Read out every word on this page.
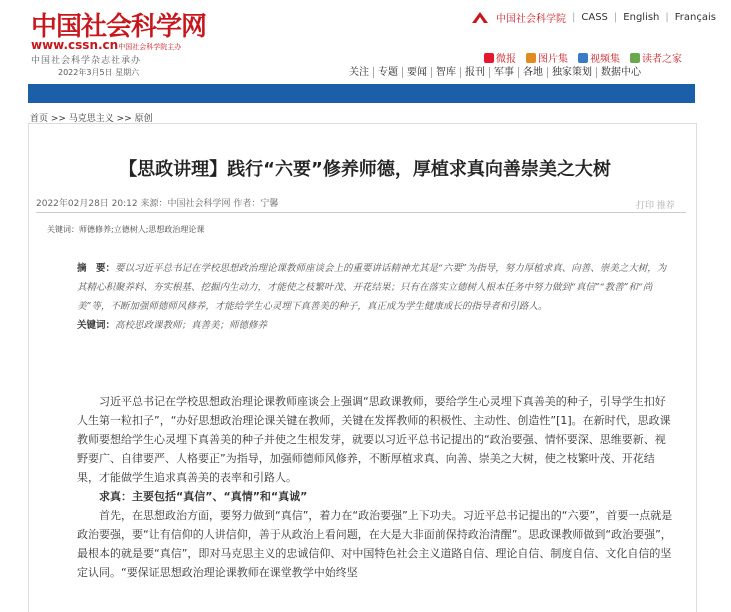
中国社会科学网
www.cssn.cn中国社会科学院主办
中国社会科学杂志社承办
2022年3月5日 星期六
中国社会科学院 | CASS | English | Français
微报 图片集 视频集 读者之家
关注 专题 要闻 智库 报刊 军事 各地 独家策划 数据中心
首页 >> 马克思主义 >> 原创
【思政讲理】践行“六要”修养师德，厚植求真向善崇美之大树
2022年02月28日 20:12 来源：中国社会科学网 作者：宁馨	打印 推荐
关键词：师德修养;立德树人;思想政治理论课
摘　要：要以习近平总书记在学校思想政治理论课教师座谈会上的重要讲话精神尤其是“六要”为指导，努力厚植求真、向善、崇美之大树，为其精心积聚养料、夯实根基、挖掘内生动力，才能使之枝繁叶茂、开花结果；只有在落实立德树人根本任务中努力做到“真信”“教善”和“尚美”等，不断加强师德师风修养，才能给学生心灵埋下真善美的种子，真正成为学生健康成长的指导者和引路人。
关键词：高校思政课教师；真善美；师德修养

习近平总书记在学校思想政治理论课教师座谈会上强调“思政课教师，要给学生心灵埋下真善美的种子，引导学生扣好人生第一粒扣子”，“办好思想政治理论课关键在教师，关键在发挥教师的积极性、主动性、创造性”[1]。在新时代，思政课教师要想给学生心灵埋下真善美的种子并使之生根发芽，就要以习近平总书记提出的“政治要强、情怀要深、思维要新、视野要广、自律要严、人格要正”为指导，加强师德师风修养，不断厚植求真、向善、崇美之大树，使之枝繁叶茂、开花结果，才能做学生追求真善美的表率和引路人。

求真：主要包括“真信”、“真情”和“真诚”

首先，在思想政治方面，要努力做到“真信”，着力在“政治要强”上下功夫。习近平总书记提出的“六要”，首要一点就是政治要强，要“让有信仰的人讲信仰，善于从政治上看问题，在大是大非面前保持政治清醒”。思政课教师做到“政治要强”，最根本的就是要“真信”，即对马克思主义的忠诚信仰、对中国特色社会主义道路自信、理论自信、制度自信、文化自信的坚定认同。“要保证思想政治理论课教师在课堂教学中始终坚
